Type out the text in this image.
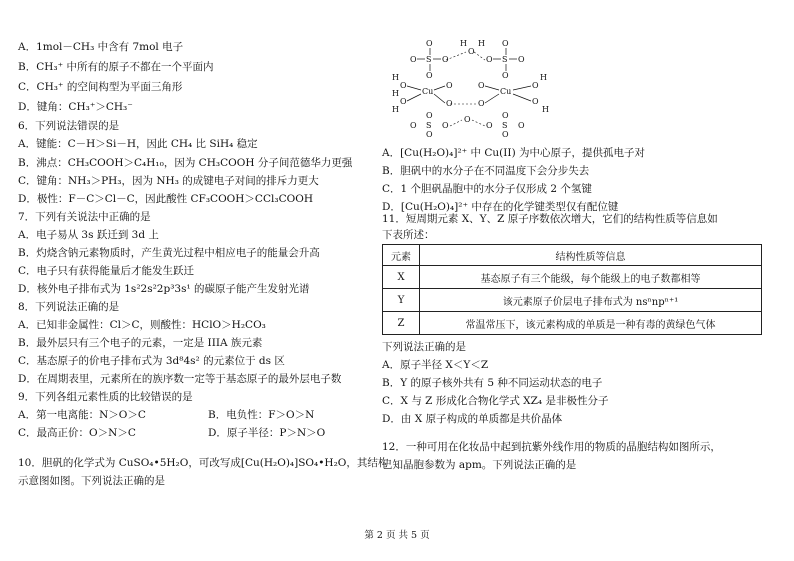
A．1mol－CH₃ 中含有 7mol 电子
B．CH₃⁺ 中所有的原子不都在一个平面内
C．CH₃⁺ 的空间构型为平面三角形
D．键角：CH₃⁺＞CH₃⁻
6．下列说法错误的是
A．键能：C－H＞Si－H，因此 CH₄ 比 SiH₄ 稳定
B．沸点：CH₃COOH＞C₄H₁₀，因为 CH₃COOH 分子间范德华力更强
C．键角：NH₃＞PH₃，因为 NH₃ 的成键电子对间的排斥力更大
D．极性：F－C＞Cl－C，因此酸性 CF₃COOH＞CCl₃COOH
7．下列有关说法中正确的是
A．电子易从 3s 跃迁到 3d 上
B．灼烧含钠元素物质时，产生黄光过程中相应电子的能量会升高
C．电子只有获得能量后才能发生跃迁
D．核外电子排布式为 1s²2s²2p³3s¹ 的碳原子能产生发射光谱
8．下列说法正确的是
A．已知非金属性：Cl＞C，则酸性：HClO＞H₂CO₃
B．最外层只有三个电子的元素，一定是 IIIA 族元素
C．基态原子的价电子排布式为 3d⁸4s² 的元素位于 ds 区
D．在周期表里，元素所在的族序数一定等于基态原子的最外层电子数
9．下列各组元素性质的比较错误的是
A．第一电离能：N＞O＞C	B．电负性：F＞O＞N
C．最高正价：O＞N＞C	D．原子半径：P＞N＞O
10．胆矾的化学式为 CuSO₄•5H₂O，可改写成[Cu(H₂O)₄]SO₄•H₂O，其结构
示意图如图。下列说法正确的是
O
O S O
O
O
O S O
O
O
H H
Cu	Cu
H
O
H
O
H
O
O
O
O
O
H
O
H
O
O S O
O
O
O S O
O
O
A．[Cu(H₂O)₄]²⁺ 中 Cu(II) 为中心原子，提供孤电子对
B．胆矾中的水分子在不同温度下会分步失去
C．1 个胆矾晶胞中的水分子仅形成 2 个氢键
D．[Cu(H₂O)₄]²⁺ 中存在的化学键类型仅有配位键
11．短周期元素 X、Y、Z 原子序数依次增大，它们的结构性质等信息如
下表所述：
元素	结构性质等信息
X	基态原子有三个能级，每个能级上的电子数都相等
Y	该元素原子价层电子排布式为 nsⁿnpⁿ⁺¹
Z	常温常压下，该元素构成的单质是一种有毒的黄绿色气体
下列说法正确的是
A．原子半径 X＜Y＜Z
B．Y 的原子核外共有 5 种不同运动状态的电子
C．X 与 Z 形成化合物化学式 XZ₄ 是非极性分子
D．由 X 原子构成的单质都是共价晶体
12．一种可用在化妆品中起到抗紫外线作用的物质的晶胞结构如图所示，
已知晶胞参数为 apm。下列说法正确的是
第 2 页 共 5 页
